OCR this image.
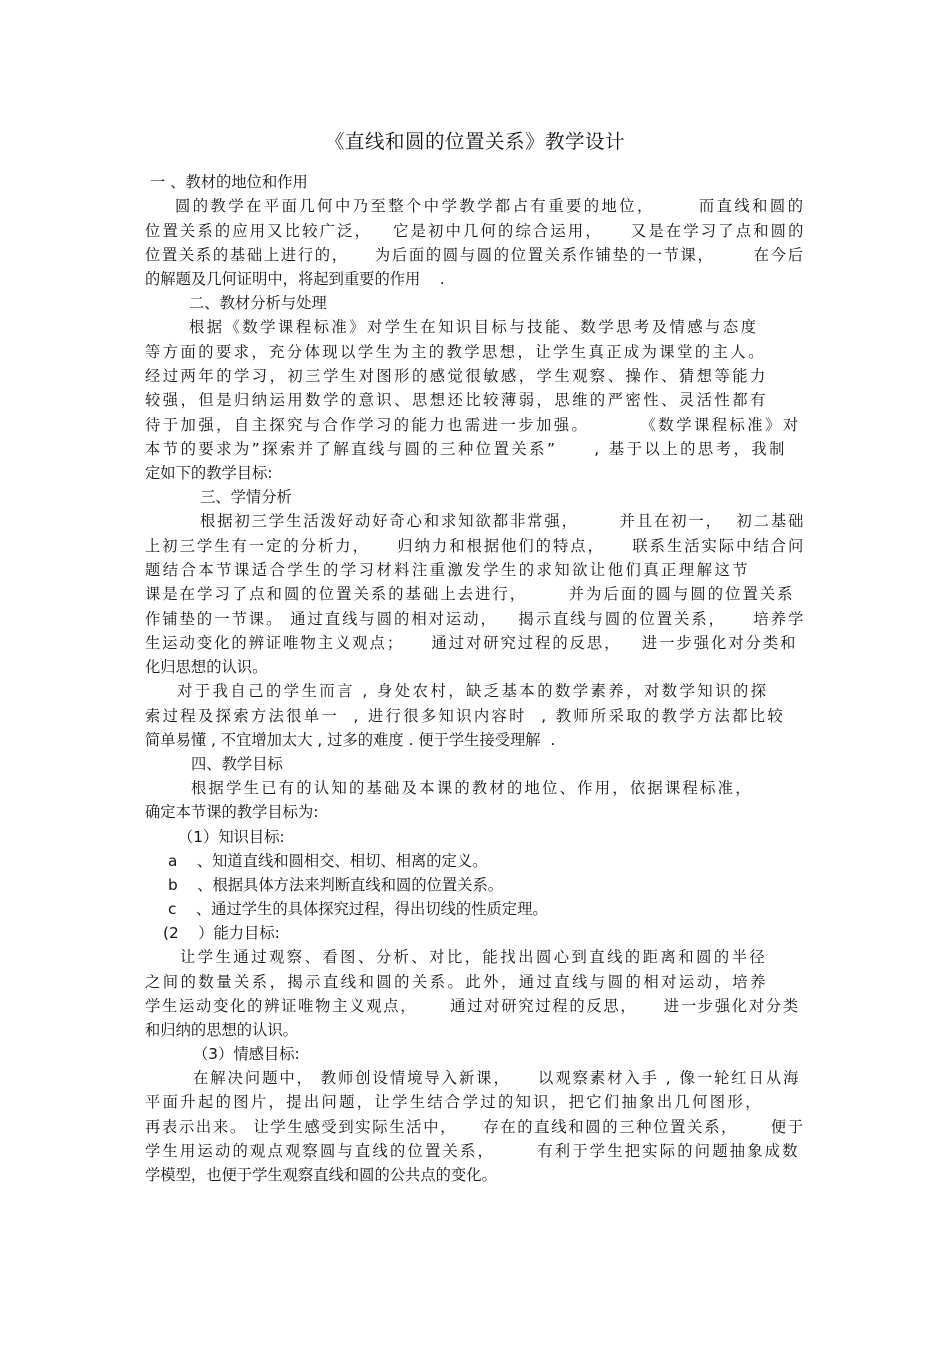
《直线和圆的位置关系》教学设计
一 、教材的地位和作用
圆的教学在平面几何中乃至整个中学教学都占有重要的地位，      而直线和圆的
位置关系的应用又比较广泛，   它是初中几何的综合运用，    又是在学习了点和圆的
位置关系的基础上进行的，    为后面的圆与圆的位置关系作铺垫的一节课，      在今后
的解题及几何证明中，将起到重要的作用    .
二、教材分析与处理
根据《数学课程标准》对学生在知识目标与技能、数学思考及情感与态度
等方面的要求，充分体现以学生为主的教学思想，让学生真正成为课堂的主人。
经过两年的学习，初三学生对图形的感觉很敏感，学生观察、操作、猜想等能力
较强，但是归纳运用数学的意识、思想还比较薄弱，思维的严密性、灵活性都有
待于加强，自主探究与合作学习的能力也需进一步加强。       《数学课程标准》对
本节的要求为”探索并了解直线与圆的三种位置关系”     , 基于以上的思考，我制
定如下的教学目标:
三、学情分析
根据初三学生活泼好动好奇心和求知欲都非常强，      并且在初一，  初二基础
上初三学生有一定的分析力，    归纳力和根据他们的特点，    联系生活实际中结合问
题结合本节课适合学生的学习材料注重激发学生的求知欲让他们真正理解这节
课是在学习了点和圆的位置关系的基础上去进行，      并为后面的圆与圆的位置关系
作铺垫的一节课。 通过直线与圆的相对运动，   揭示直线与圆的位置关系，    培养学
生运动变化的辨证唯物主义观点；    通过对研究过程的反思，   进一步强化对分类和
化归思想的认识。
对于我自己的学生而言 , 身处农村，缺乏基本的数学素养，对数学知识的探
索过程及探索方法很单一  , 进行很多知识内容时  , 教师所采取的教学方法都比较
简单易懂 , 不宜增加太大 , 过多的难度 . 便于学生接受理解  .
四、教学目标
根据学生已有的认知的基础及本课的教材的地位、作用，依据课程标准，
确定本节课的教学目标为:
（1）知识目标:
a    、知道直线和圆相交、相切、相离的定义。
b    、根据具体方法来判断直线和圆的位置关系。
c    、通过学生的具体探究过程，得出切线的性质定理。
(2    ）能力目标:
让学生通过观察、看图、分析、对比，能找出圆心到直线的距离和圆的半径
之间的数量关系，揭示直线和圆的关系。此外，通过直线与圆的相对运动，培养
学生运动变化的辨证唯物主义观点，     通过对研究过程的反思，    进一步强化对分类
和归纳的思想的认识。
（3）情感目标:
在解决问题中， 教师创设情境导入新课，    以观察素材入手 , 像一轮红日从海
平面升起的图片，提出问题，让学生结合学过的知识，把它们抽象出几何图形，
再表示出来。 让学生感受到实际生活中，    存在的直线和圆的三种位置关系，     便于
学生用运动的观点观察圆与直线的位置关系，      有利于学生把实际的问题抽象成数
学模型，也便于学生观察直线和圆的公共点的变化。
